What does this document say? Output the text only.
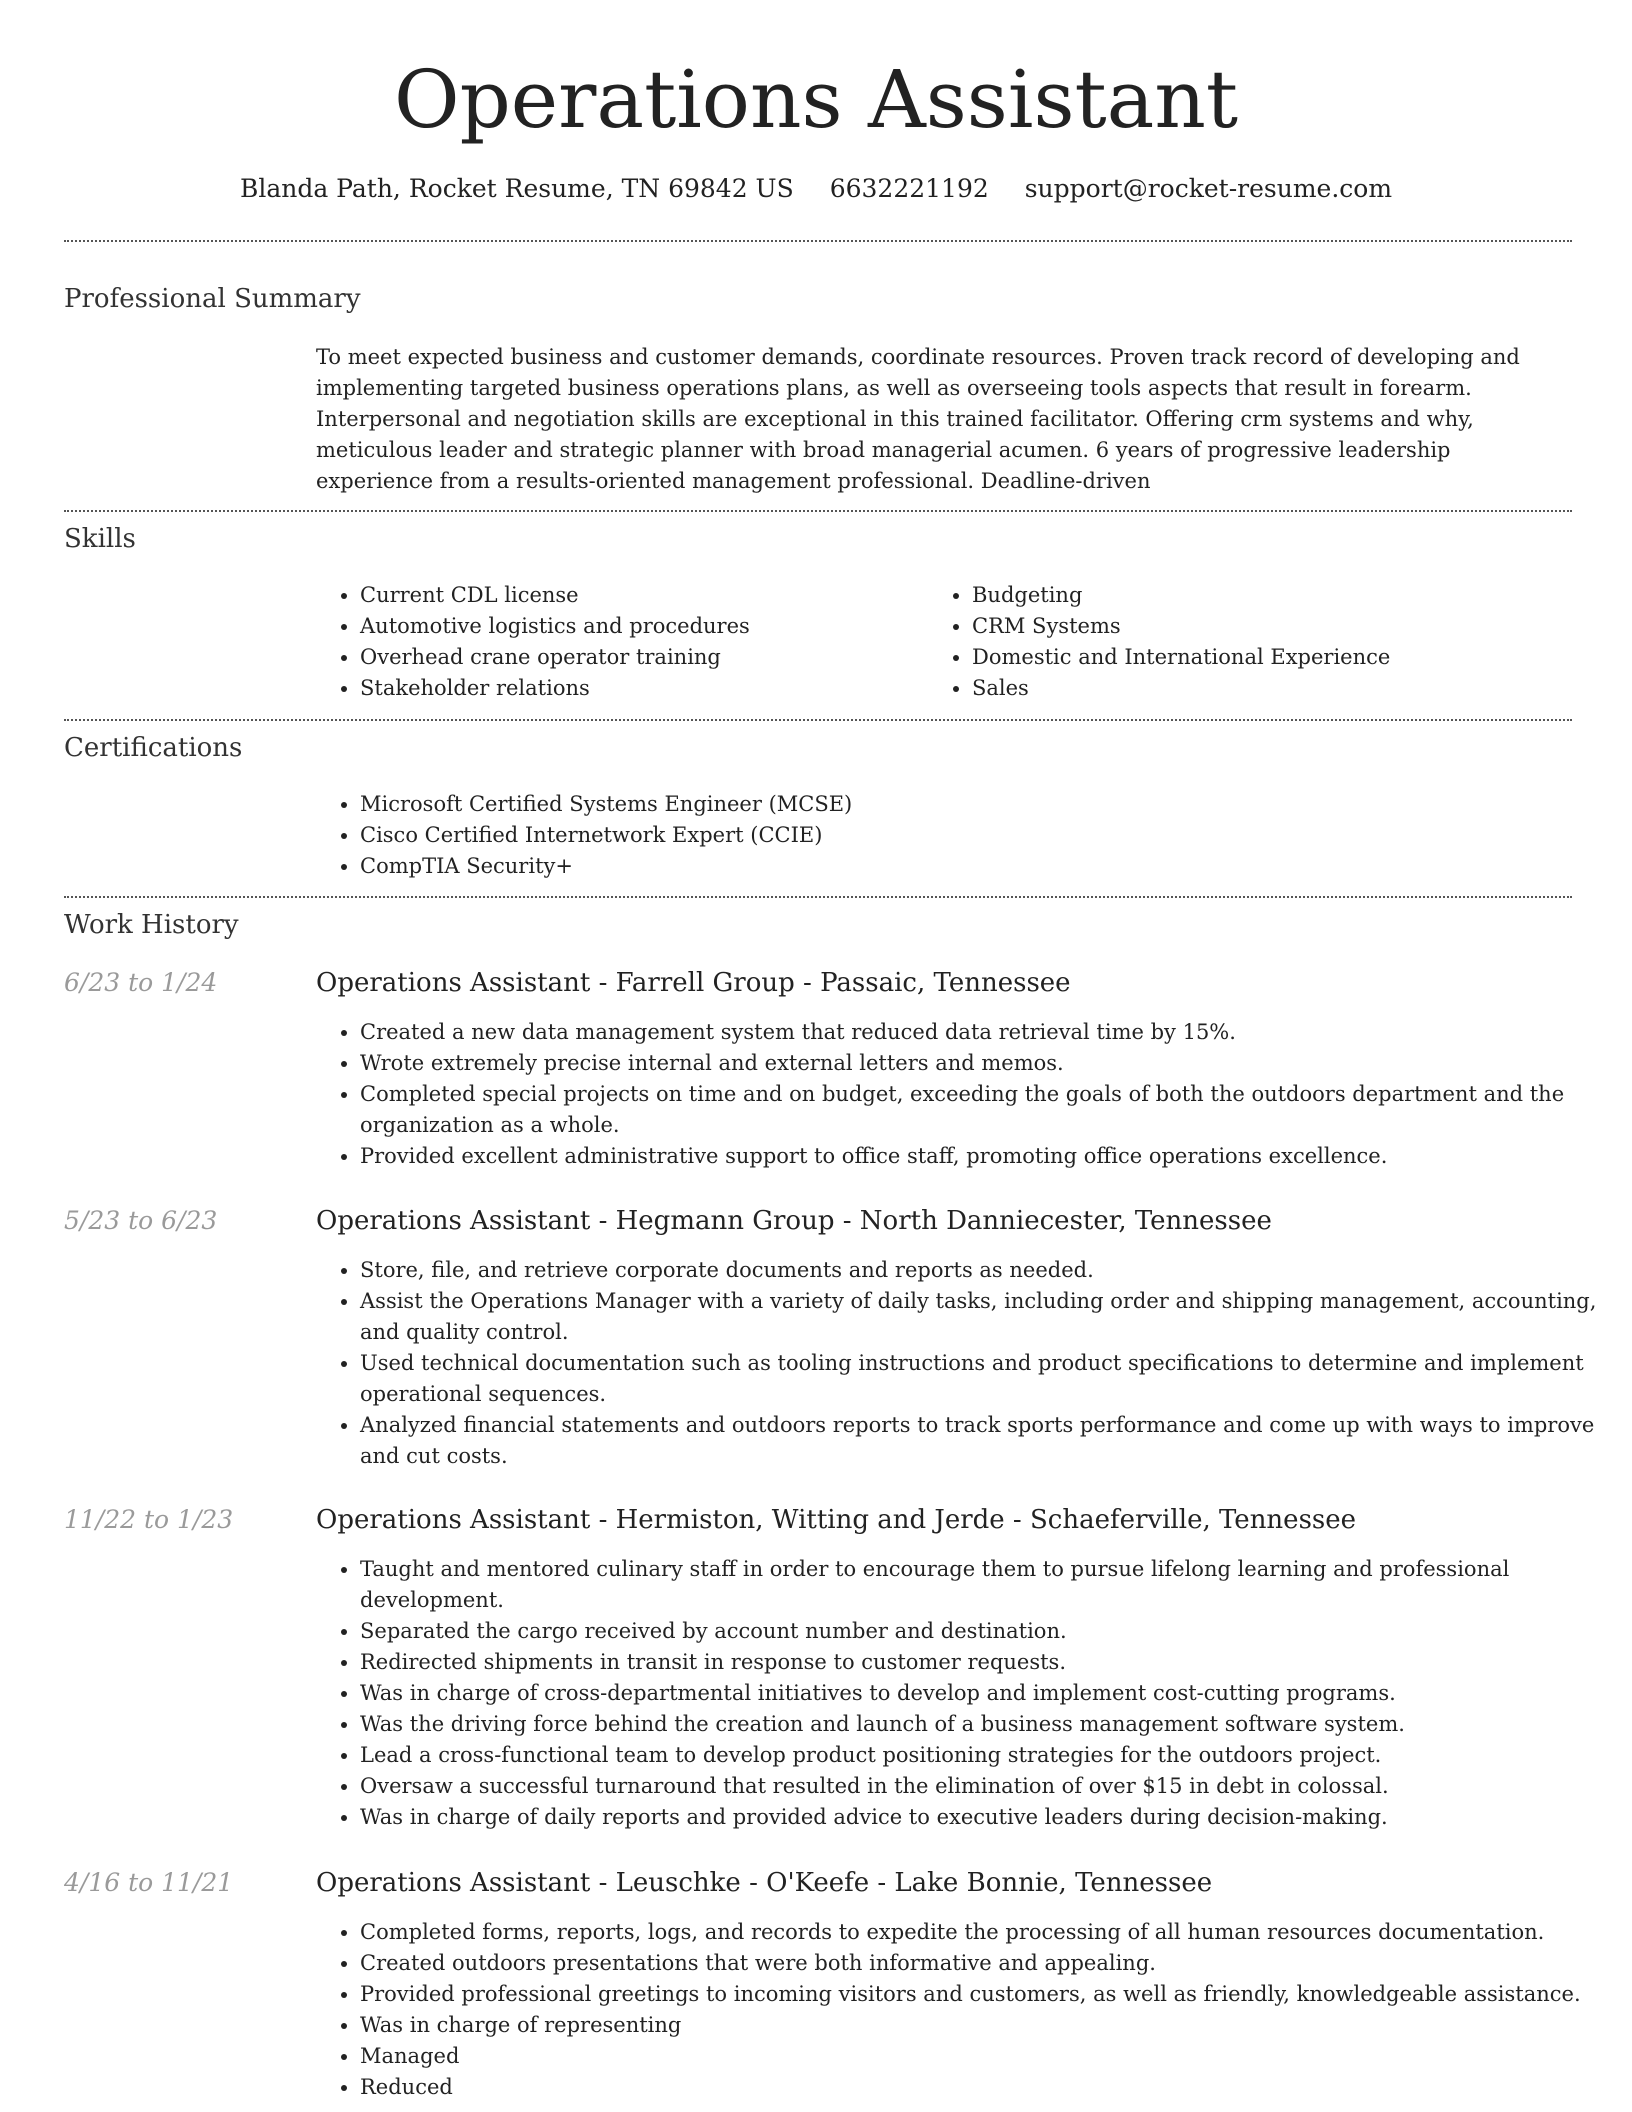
Operations Assistant
Blanda Path, Rocket Resume, TN 69842 US 6632221192 support@rocket-resume.com
Professional Summary

To meet expected business and customer demands, coordinate resources. Proven track record of developing and implementing targeted business operations plans, as well as overseeing tools aspects that result in forearm. Interpersonal and negotiation skills are exceptional in this trained facilitator. Offering crm systems and why, meticulous leader and strategic planner with broad managerial acumen. 6 years of progressive leadership experience from a results-oriented management professional. Deadline-driven

Skills
• Current CDL license
• Automotive logistics and procedures
• Overhead crane operator training
• Stakeholder relations
• Budgeting
• CRM Systems
• Domestic and International Experience
• Sales
Certifications
• Microsoft Certified Systems Engineer (MCSE)
• Cisco Certified Internetwork Expert (CCIE)
• CompTIA Security+
Work History
6/23 to 1/24	Operations Assistant - Farrell Group - Passaic, Tennessee
• Created a new data management system that reduced data retrieval time by 15%.
• Wrote extremely precise internal and external letters and memos.
• Completed special projects on time and on budget, exceeding the goals of both the outdoors department and the organization as a whole.
• Provided excellent administrative support to office staff, promoting office operations excellence.
5/23 to 6/23	Operations Assistant - Hegmann Group - North Danniecester, Tennessee
• Store, file, and retrieve corporate documents and reports as needed.
• Assist the Operations Manager with a variety of daily tasks, including order and shipping management, accounting, and quality control.
• Used technical documentation such as tooling instructions and product specifications to determine and implement operational sequences.
• Analyzed financial statements and outdoors reports to track sports performance and come up with ways to improve and cut costs.
11/22 to 1/23	Operations Assistant - Hermiston, Witting and Jerde - Schaeferville, Tennessee
• Taught and mentored culinary staff in order to encourage them to pursue lifelong learning and professional development.
• Separated the cargo received by account number and destination.
• Redirected shipments in transit in response to customer requests.
• Was in charge of cross-departmental initiatives to develop and implement cost-cutting programs.
• Was the driving force behind the creation and launch of a business management software system.
• Lead a cross-functional team to develop product positioning strategies for the outdoors project.
• Oversaw a successful turnaround that resulted in the elimination of over $15 in debt in colossal.
• Was in charge of daily reports and provided advice to executive leaders during decision-making.
4/16 to 11/21	Operations Assistant - Leuschke - O'Keefe - Lake Bonnie, Tennessee
• Completed forms, reports, logs, and records to expedite the processing of all human resources documentation.
• Created outdoors presentations that were both informative and appealing.
• Provided professional greetings to incoming visitors and customers, as well as friendly, knowledgeable assistance.
• Was in charge of representing
• Managed
• Reduced
